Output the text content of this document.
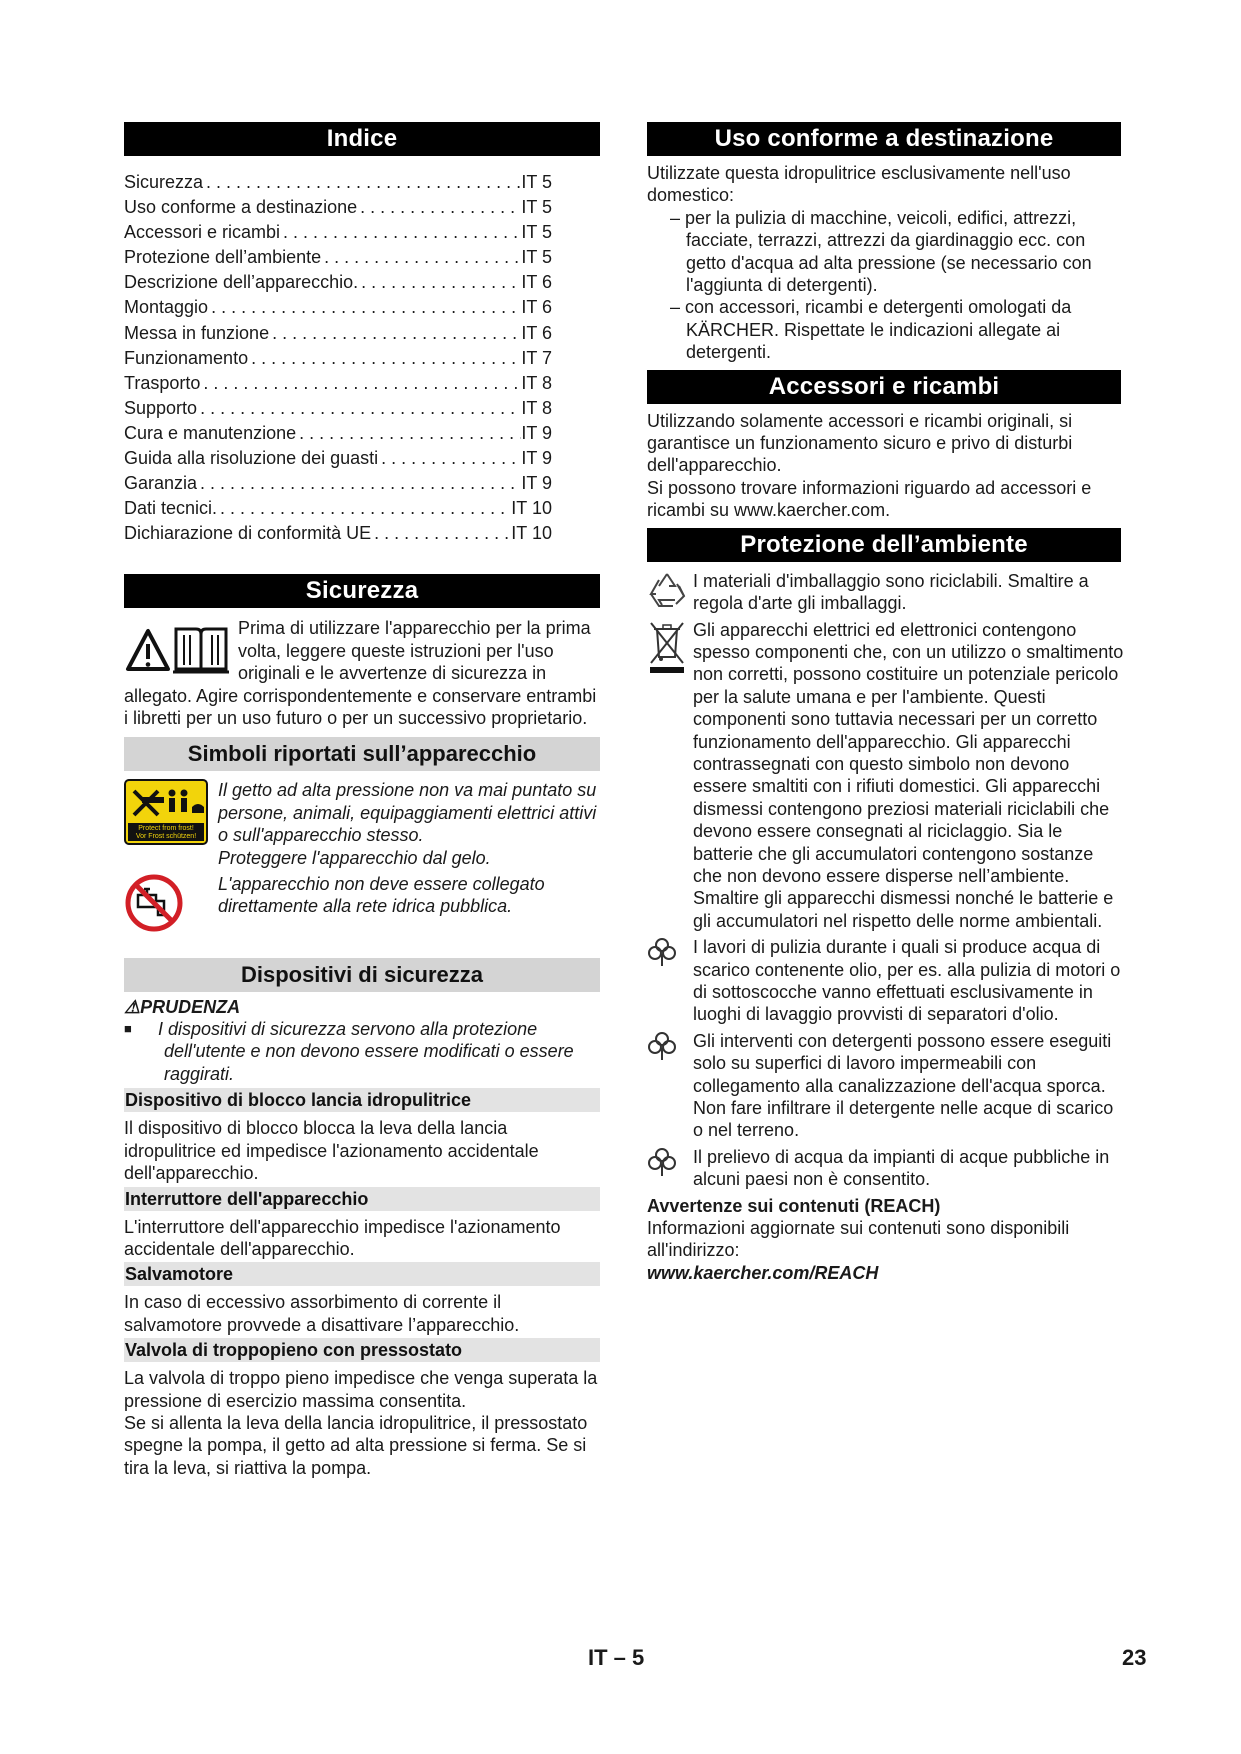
Indice
Sicurezza . . .	IT 5
Uso conforme a destinazione . . .	IT 5
Accessori e ricambi . . .	IT 5
Protezione dell’ambiente . . .	IT 5
Descrizione dell’apparecchio. . . .	IT 6
Montaggio . . .	IT 6
Messa in funzione . . .	IT 6
Funzionamento . . .	IT 7
Trasporto . . .	IT 8
Supporto . . .	IT 8
Cura e manutenzione . . .	IT 9
Guida alla risoluzione dei guasti . . .	IT 9
Garanzia . . .	IT 9
Dati tecnici. . . .	IT 10
Dichiarazione di conformità UE . . .	IT 10
Sicurezza

Prima di utilizzare l'apparecchio per la prima volta, leggere queste istruzioni per l'uso originali e le avvertenze di sicurezza in allegato. Agire corrispondentemente e conservare entrambi i libretti per un uso futuro o per un successivo proprietario.

Simboli riportati sull’apparecchio
Protect from frost!
Vor Frost schützen!

Il getto ad alta pressione non va mai puntato su persone, animali, equipaggiamenti elettrici attivi o sull'apparecchio stesso.

Proteggere l'apparecchio dal gelo.

L'apparecchio non deve essere collegato direttamente alla rete idrica pubblica.

Dispositivi di sicurezza
⚠PRUDENZA
■	I dispositivi di sicurezza servono alla protezione dell'utente e non devono essere modificati o essere raggirati.

Dispositivo di blocco lancia idropulitrice

Il dispositivo di blocco blocca la leva della lancia idropulitrice ed impedisce l'azionamento accidentale dell'apparecchio.

Interruttore dell'apparecchio

L'interruttore dell'apparecchio impedisce l'azionamento accidentale dell'apparecchio.

Salvamotore

In caso di eccessivo assorbimento di corrente il salvamotore provvede a disattivare l’apparecchio.

Valvola di troppopieno con pressostato

La valvola di troppo pieno impedisce che venga superata la pressione di esercizio massima consentita.

Se si allenta la leva della lancia idropulitrice, il pressostato spegne la pompa, il getto ad alta pressione si ferma. Se si tira la leva, si riattiva la pompa.

Uso conforme a destinazione

Utilizzate questa idropulitrice esclusivamente nell'uso domestico:

– per la pulizia di macchine, veicoli, edifici, attrezzi, facciate, terrazzi, attrezzi da giardinaggio ecc. con getto d'acqua ad alta pressione (se necessario con l'aggiunta di detergenti).

– con accessori, ricambi e detergenti omologati da KÄRCHER. Rispettate le indicazioni allegate ai detergenti.

Accessori e ricambi

Utilizzando solamente accessori e ricambi originali, si garantisce un funzionamento sicuro e privo di disturbi dell'apparecchio.

Si possono trovare informazioni riguardo ad accessori e ricambi su www.kaercher.com.

Protezione dell’ambiente

I materiali d'imballaggio sono riciclabili. Smaltire a regola d'arte gli imballaggi.

Gli apparecchi elettrici ed elettronici contengono spesso componenti che, con un utilizzo o smaltimento non corretti, possono costituire un potenziale pericolo per la salute umana e per l'ambiente. Questi componenti sono tuttavia necessari per un corretto funzionamento dell'apparecchio. Gli apparecchi contrassegnati con questo simbolo non devono essere smaltiti con i rifiuti domestici. Gli apparecchi dismessi contengono preziosi materiali riciclabili che devono essere consegnati al riciclaggio. Sia le batterie che gli accumulatori contengono sostanze che non devono essere disperse nell’ambiente. Smaltire gli apparecchi dismessi nonché le batterie e gli accumulatori nel rispetto delle norme ambientali.

I lavori di pulizia durante i quali si produce acqua di scarico contenente olio, per es. alla pulizia di motori o di sottoscocche vanno effettuati esclusivamente in luoghi di lavaggio provvisti di separatori d'olio.

Gli interventi con detergenti possono essere eseguiti solo su superfici di lavoro impermeabili con collegamento alla canalizzazione dell'acqua sporca. Non fare infiltrare il detergente nelle acque di scarico o nel terreno.

Il prelievo di acqua da impianti di acque pubbliche in alcuni paesi non è consentito.

Avvertenze sui contenuti (REACH)

Informazioni aggiornate sui contenuti sono disponibili all'indirizzo:

www.kaercher.com/REACH

IT – 5	23
